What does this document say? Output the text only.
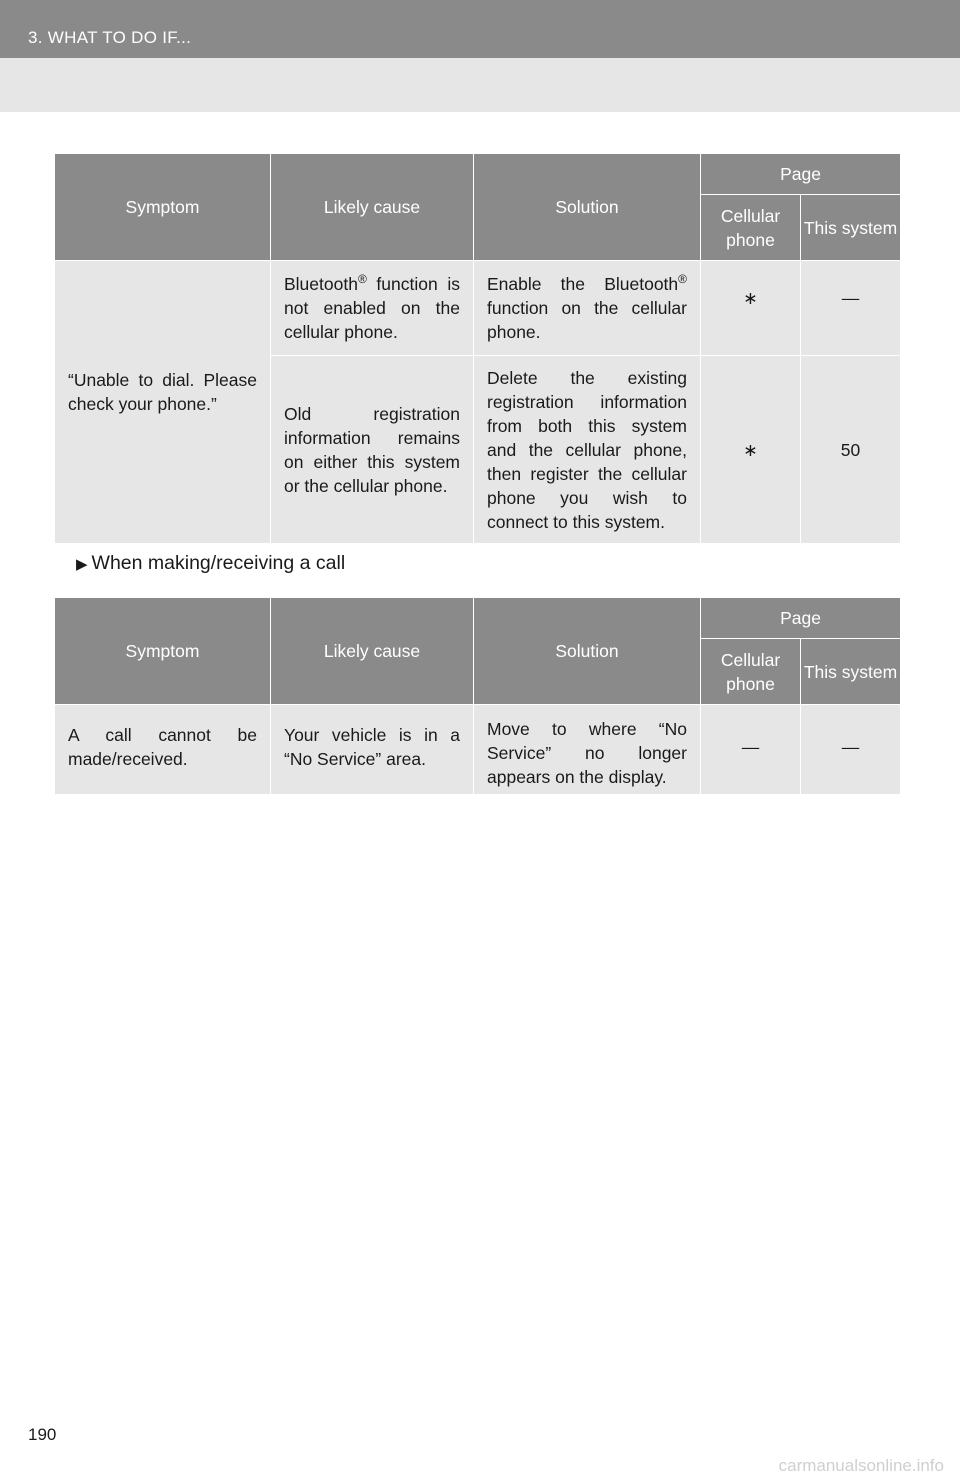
3. WHAT TO DO IF...
Symptom	Likely cause	Solution	Page	
			Cellular phone	This system
“Unable to dial. Please check your phone.”	Bluetooth® function is not enabled on the cellular phone.	Enable the Bluetooth® function on the cellular phone.	∗	—
	Old registration information remains on either this system or the cellular phone.	Delete the existing registration information from both this system and the cellular phone, then register the cellular phone you wish to connect to this system.	∗	50
▶ When making/receiving a call
Symptom	Likely cause	Solution	Page	
			Cellular phone	This system
A call cannot be made/received.	Your vehicle is in a “No Service” area.	Move to where “No Service” no longer appears on the display.	—	—
190
carmanualsonline.info
